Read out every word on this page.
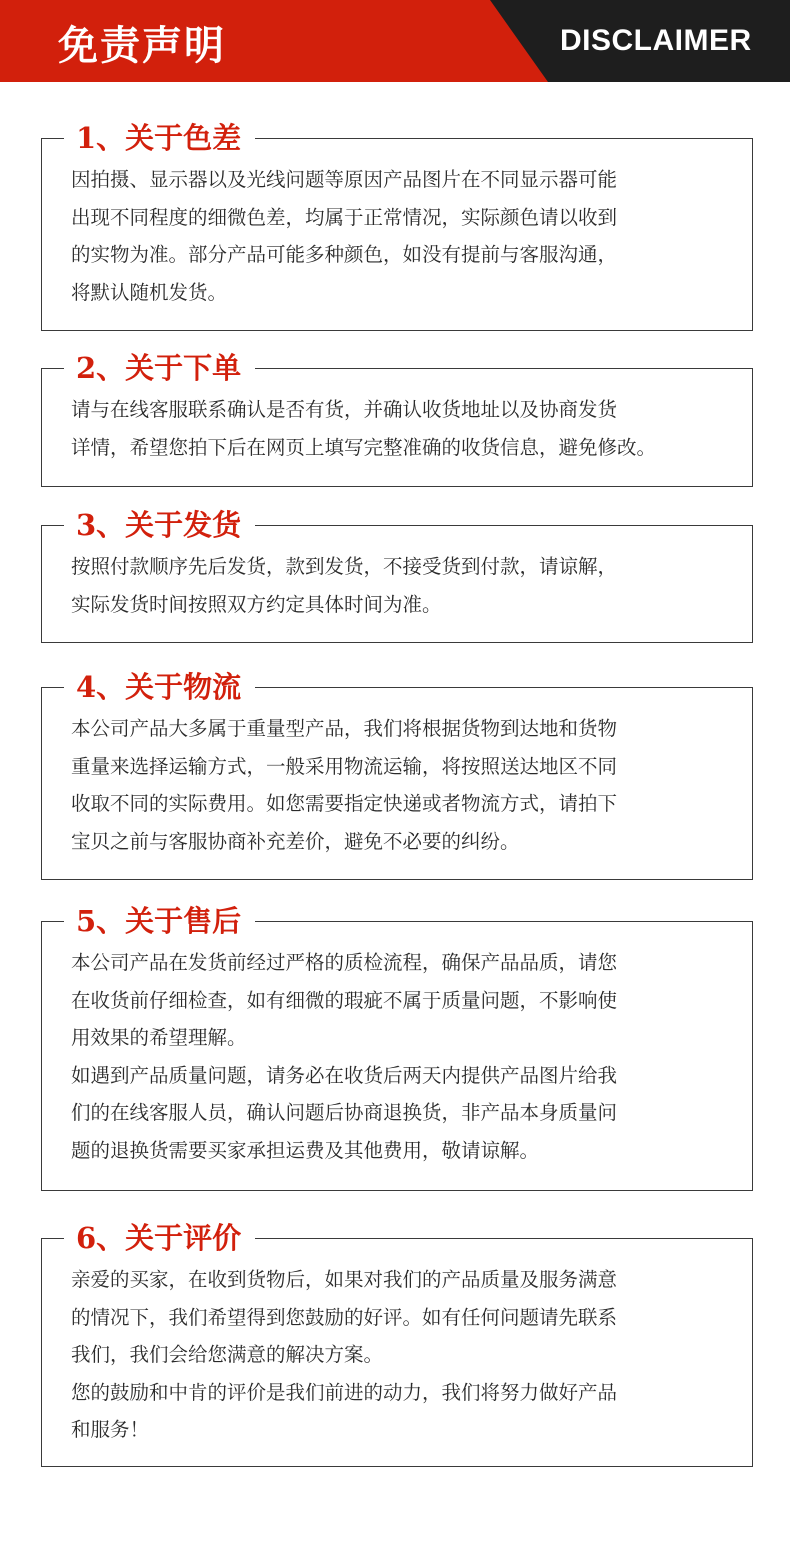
免责声明	DISCLAIMER
1、关于色差

因拍摄、显示器以及光线问题等原因产品图片在不同显示器可能
出现不同程度的细微色差，均属于正常情况，实际颜色请以收到
的实物为准。部分产品可能多种颜色，如没有提前与客服沟通，
将默认随机发货。

2、关于下单

请与在线客服联系确认是否有货，并确认收货地址以及协商发货
详情，希望您拍下后在网页上填写完整准确的收货信息，避免修改。

3、关于发货

按照付款顺序先后发货，款到发货，不接受货到付款，请谅解，
实际发货时间按照双方约定具体时间为准。

4、关于物流

本公司产品大多属于重量型产品，我们将根据货物到达地和货物
重量来选择运输方式，一般采用物流运输，将按照送达地区不同
收取不同的实际费用。如您需要指定快递或者物流方式，请拍下
宝贝之前与客服协商补充差价，避免不必要的纠纷。

5、关于售后

本公司产品在发货前经过严格的质检流程，确保产品品质，请您
在收货前仔细检查，如有细微的瑕疵不属于质量问题，不影响使
用效果的希望理解。
如遇到产品质量问题，请务必在收货后两天内提供产品图片给我
们的在线客服人员，确认问题后协商退换货，非产品本身质量问
题的退换货需要买家承担运费及其他费用，敬请谅解。

6、关于评价

亲爱的买家，在收到货物后，如果对我们的产品质量及服务满意
的情况下，我们希望得到您鼓励的好评。如有任何问题请先联系
我们，我们会给您满意的解决方案。
您的鼓励和中肯的评价是我们前进的动力，我们将努力做好产品
和服务！
